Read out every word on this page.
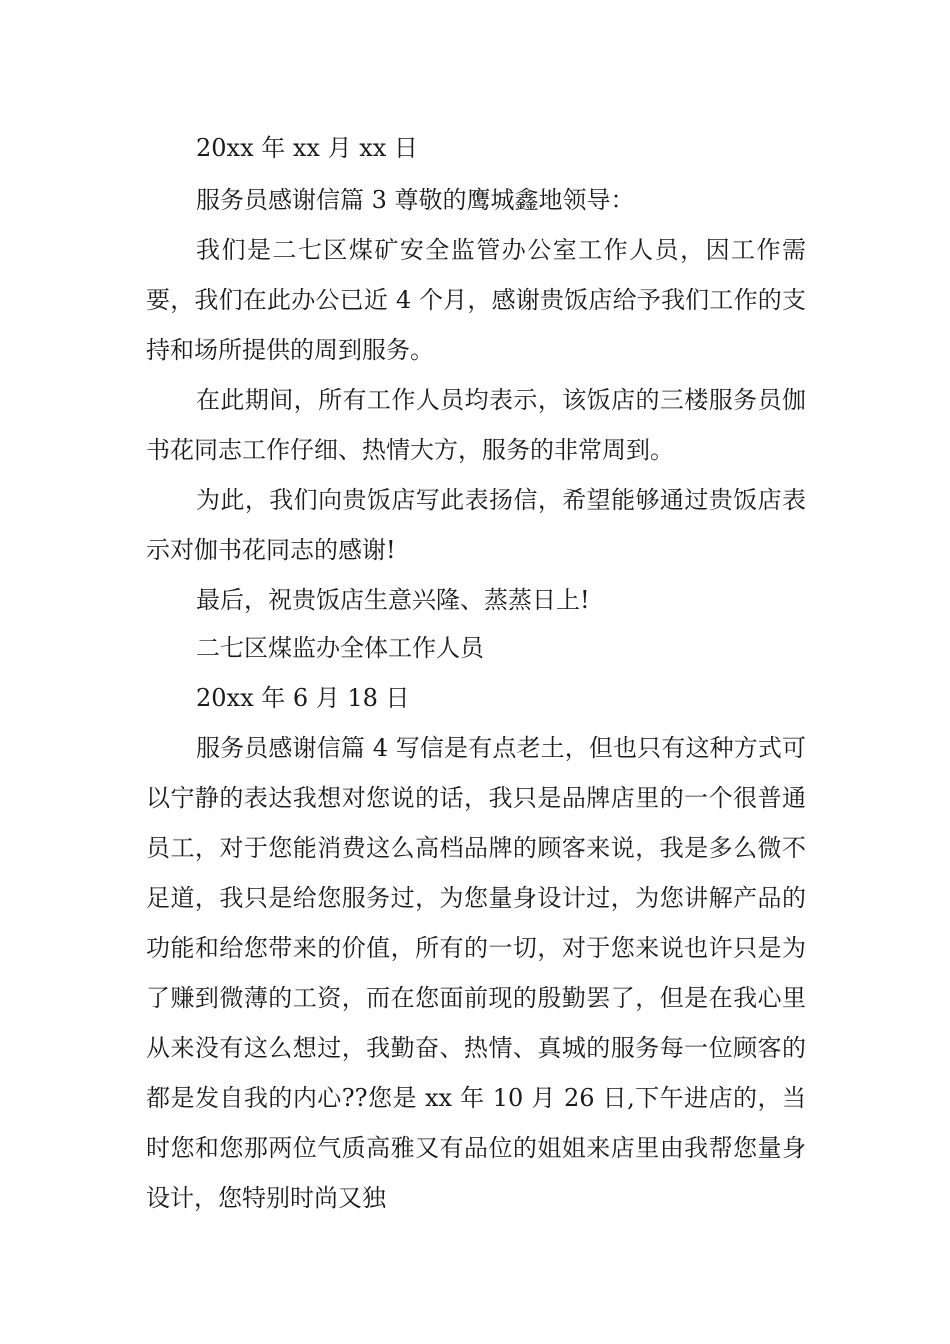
20xx 年 xx 月 xx 日
服务员感谢信篇 3 尊敬的鹰城鑫地领导：
我们是二七区煤矿安全监管办公室工作人员，因工作需要，我们在此办公已近 4 个月，感谢贵饭店给予我们工作的支持和场所提供的周到服务。
在此期间，所有工作人员均表示，该饭店的三楼服务员伽书花同志工作仔细、热情大方，服务的非常周到。
为此，我们向贵饭店写此表扬信，希望能够通过贵饭店表示对伽书花同志的感谢!
最后，祝贵饭店生意兴隆、蒸蒸日上!
二七区煤监办全体工作人员
20xx 年 6 月 18 日
服务员感谢信篇 4 写信是有点老土，但也只有这种方式可以宁静的表达我想对您说的话，我只是品牌店里的一个很普通员工，对于您能消费这么高档品牌的顾客来说，我是多么微不足道，我只是给您服务过，为您量身设计过，为您讲解产品的功能和给您带来的价值，所有的一切，对于您来说也许只是为了赚到微薄的工资，而在您面前现的殷勤罢了，但是在我心里从来没有这么想过，我勤奋、热情、真城的服务每一位顾客的都是发自我的内心??您是 xx 年 10 月 26 日,下午进店的，当时您和您那两位气质高雅又有品位的姐姐来店里由我帮您量身设计，您特别时尚又独
